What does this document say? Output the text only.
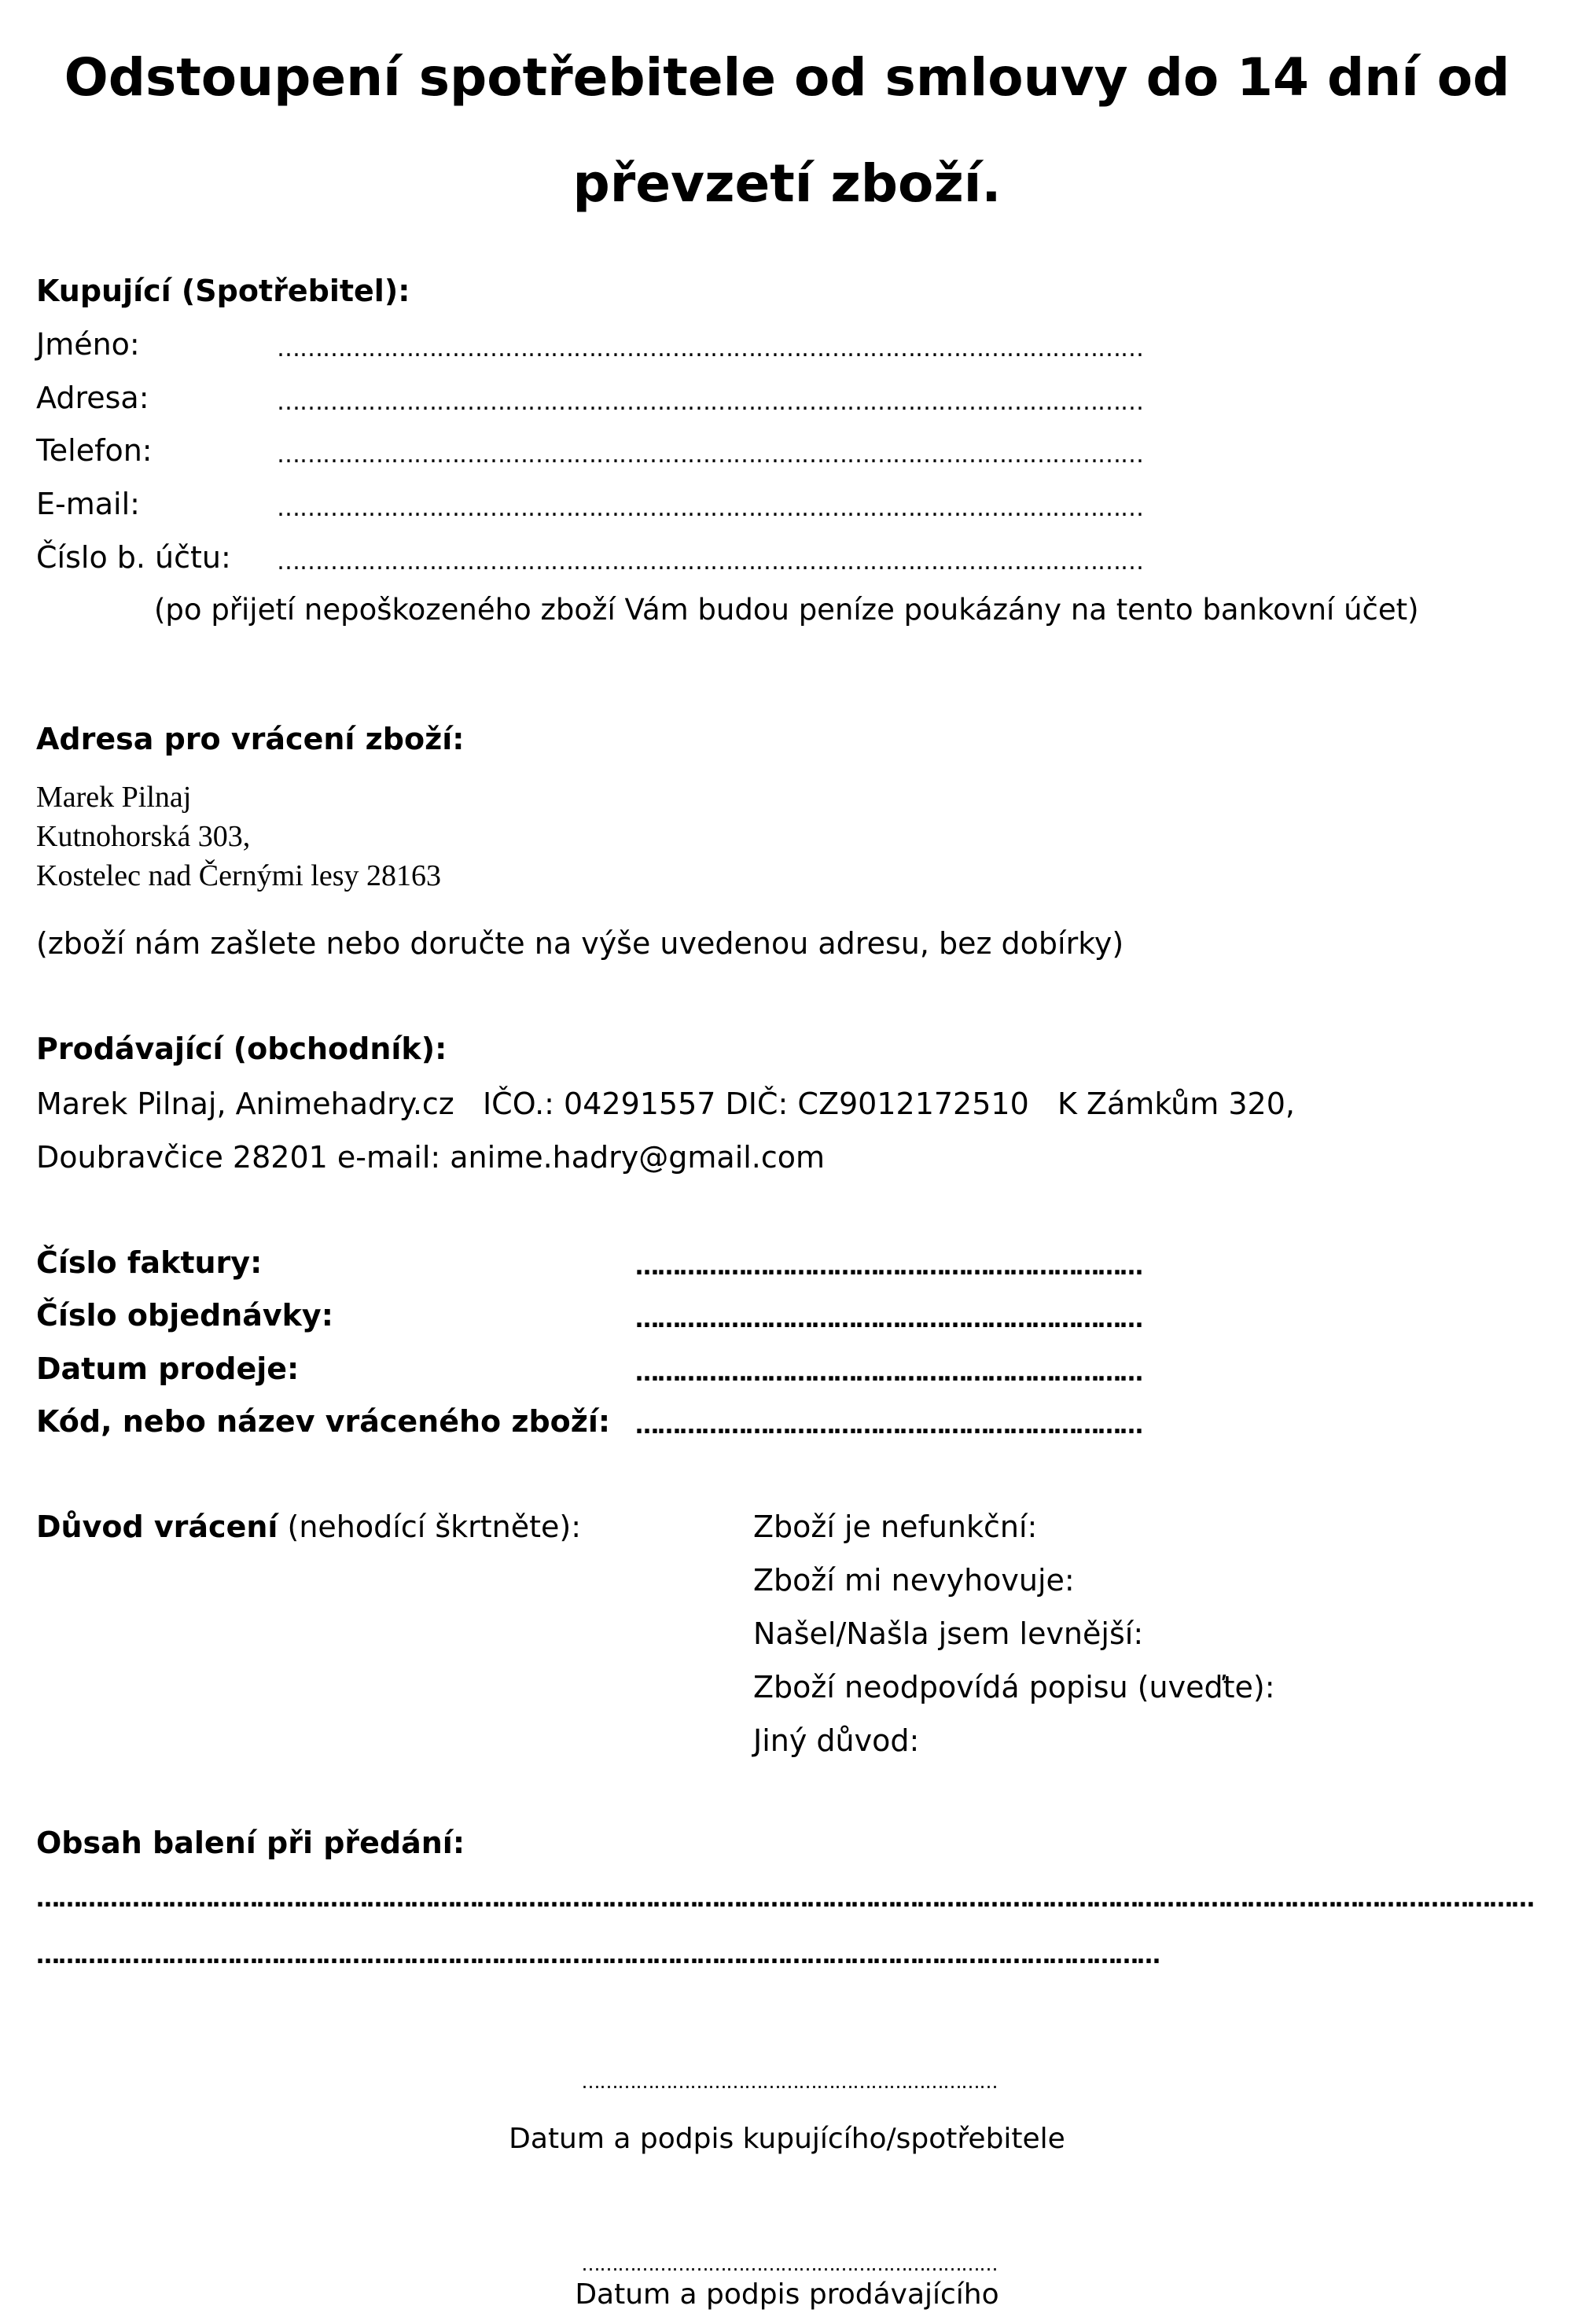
Odstoupení spotřebitele od smlouvy do 14 dní od
převzetí zboží.
Kupující (Spotřebitel):
Jméno:	……………………………………………………………………………………………………
Adresa:	……………………………………………………………………………………………………
Telefon:	……………………………………………………………………………………………………
E-mail:	……………………………………………………………………………………………………
Číslo b. účtu: ……………………………………………………………………………………………………
(po přijetí nepoškozeného zboží Vám budou peníze poukázány na tento bankovní účet)
Adresa pro vrácení zboží:
Marek Pilnaj
Kutnohorská 303,
Kostelec nad Černými lesy 28163
(zboží nám zašlete nebo doručte na výše uvedenou adresu, bez dobírky)
Prodávající (obchodník):
Marek Pilnaj, Animehadry.cz   IČO.: 04291557 DIČ: CZ9012172510   K Zámkům 320,
Doubravčice 28201 e-mail: anime.hadry@gmail.com
Číslo faktury:	……………………………………………………………
Číslo objednávky:	……………………………………………………………
Datum prodeje:	……………………………………………………………
Kód, nebo název vráceného zboží: ……………………………………………………………
Důvod vrácení (nehodící škrtněte):	Zboží je nefunkční:
Zboží mi nevyhovuje:
Našel/Našla jsem levnější:
Zboží neodpovídá popisu (uveďte):
Jiný důvod:
Obsah balení při předání:
……………………………………………………………………………………………………………………………………………………………………………………
………………………………………………………………………………………………………………………………………
……………………………………………………………
Datum a podpis kupujícího/spotřebitele
……………………………………………………………
Datum a podpis prodávajícího
